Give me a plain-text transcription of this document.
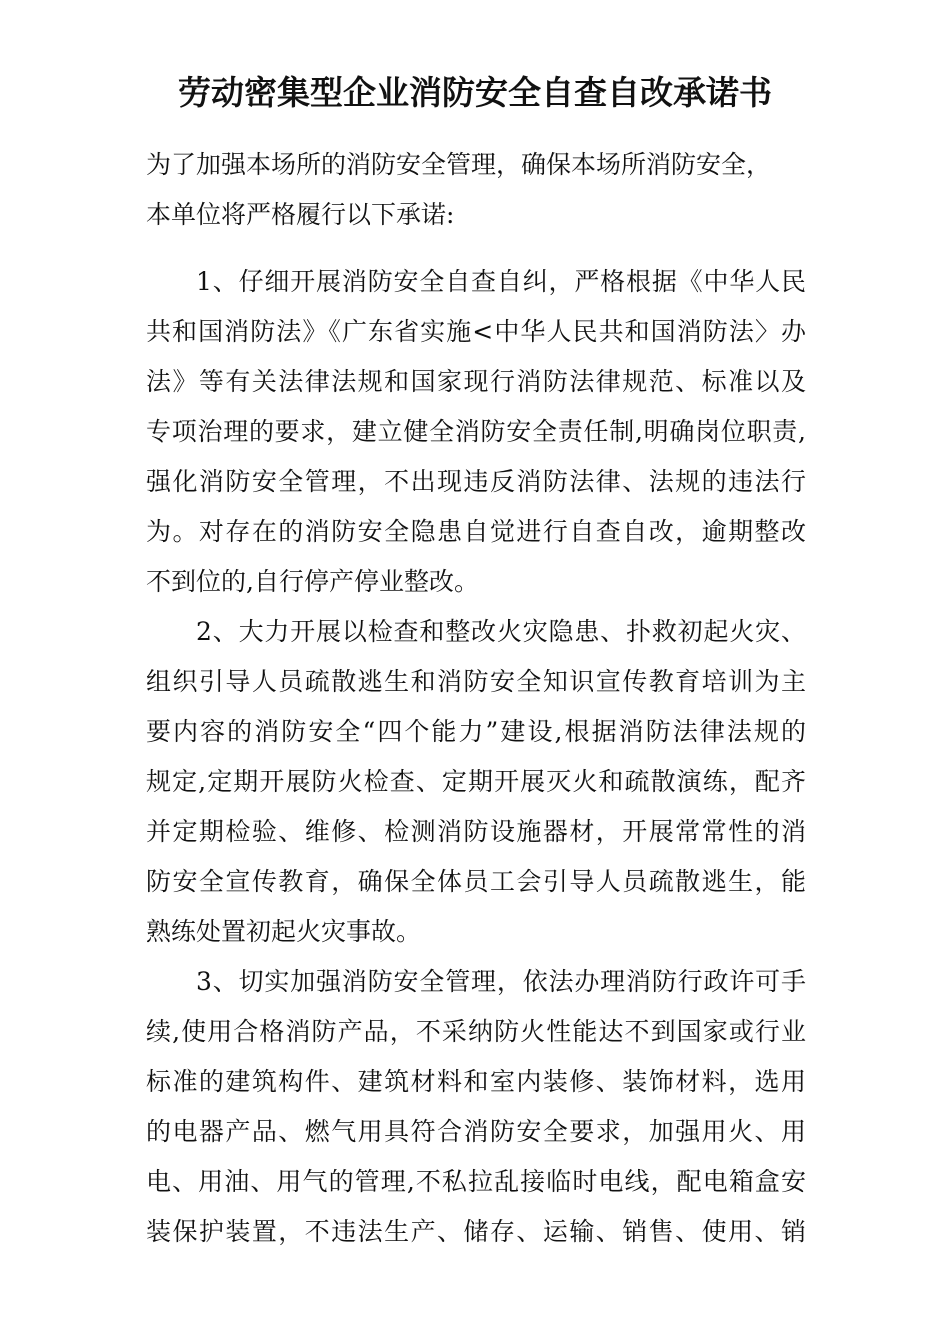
劳动密集型企业消防安全自查自改承诺书
为了加强本场所的消防安全管理，确保本场所消防安全，
本单位将严格履行以下承诺:
1、仔细开展消防安全自查自纠，严格根据《中华人民
共和国消防法》《广东省实施<中华人民共和国消防法〉办
法》等有关法律法规和国家现行消防法律规范、标准以及
专项治理的要求，建立健全消防安全责任制,明确岗位职责,
强化消防安全管理，不出现违反消防法律、法规的违法行
为。对存在的消防安全隐患自觉进行自查自改，逾期整改
不到位的,自行停产停业整改。
2、大力开展以检查和整改火灾隐患、扑救初起火灾、
组织引导人员疏散逃生和消防安全知识宣传教育培训为主
要内容的消防安全“四个能力”建设,根据消防法律法规的
规定,定期开展防火检查、定期开展灭火和疏散演练，配齐
并定期检验、维修、检测消防设施器材，开展常常性的消
防安全宣传教育，确保全体员工会引导人员疏散逃生，能
熟练处置初起火灾事故。
3、切实加强消防安全管理，依法办理消防行政许可手
续,使用合格消防产品，不采纳防火性能达不到国家或行业
标准的建筑构件、建筑材料和室内装修、装饰材料，选用
的电器产品、燃气用具符合消防安全要求，加强用火、用
电、用油、用气的管理,不私拉乱接临时电线，配电箱盒安
装保护装置，不违法生产、储存、运输、销售、使用、销
